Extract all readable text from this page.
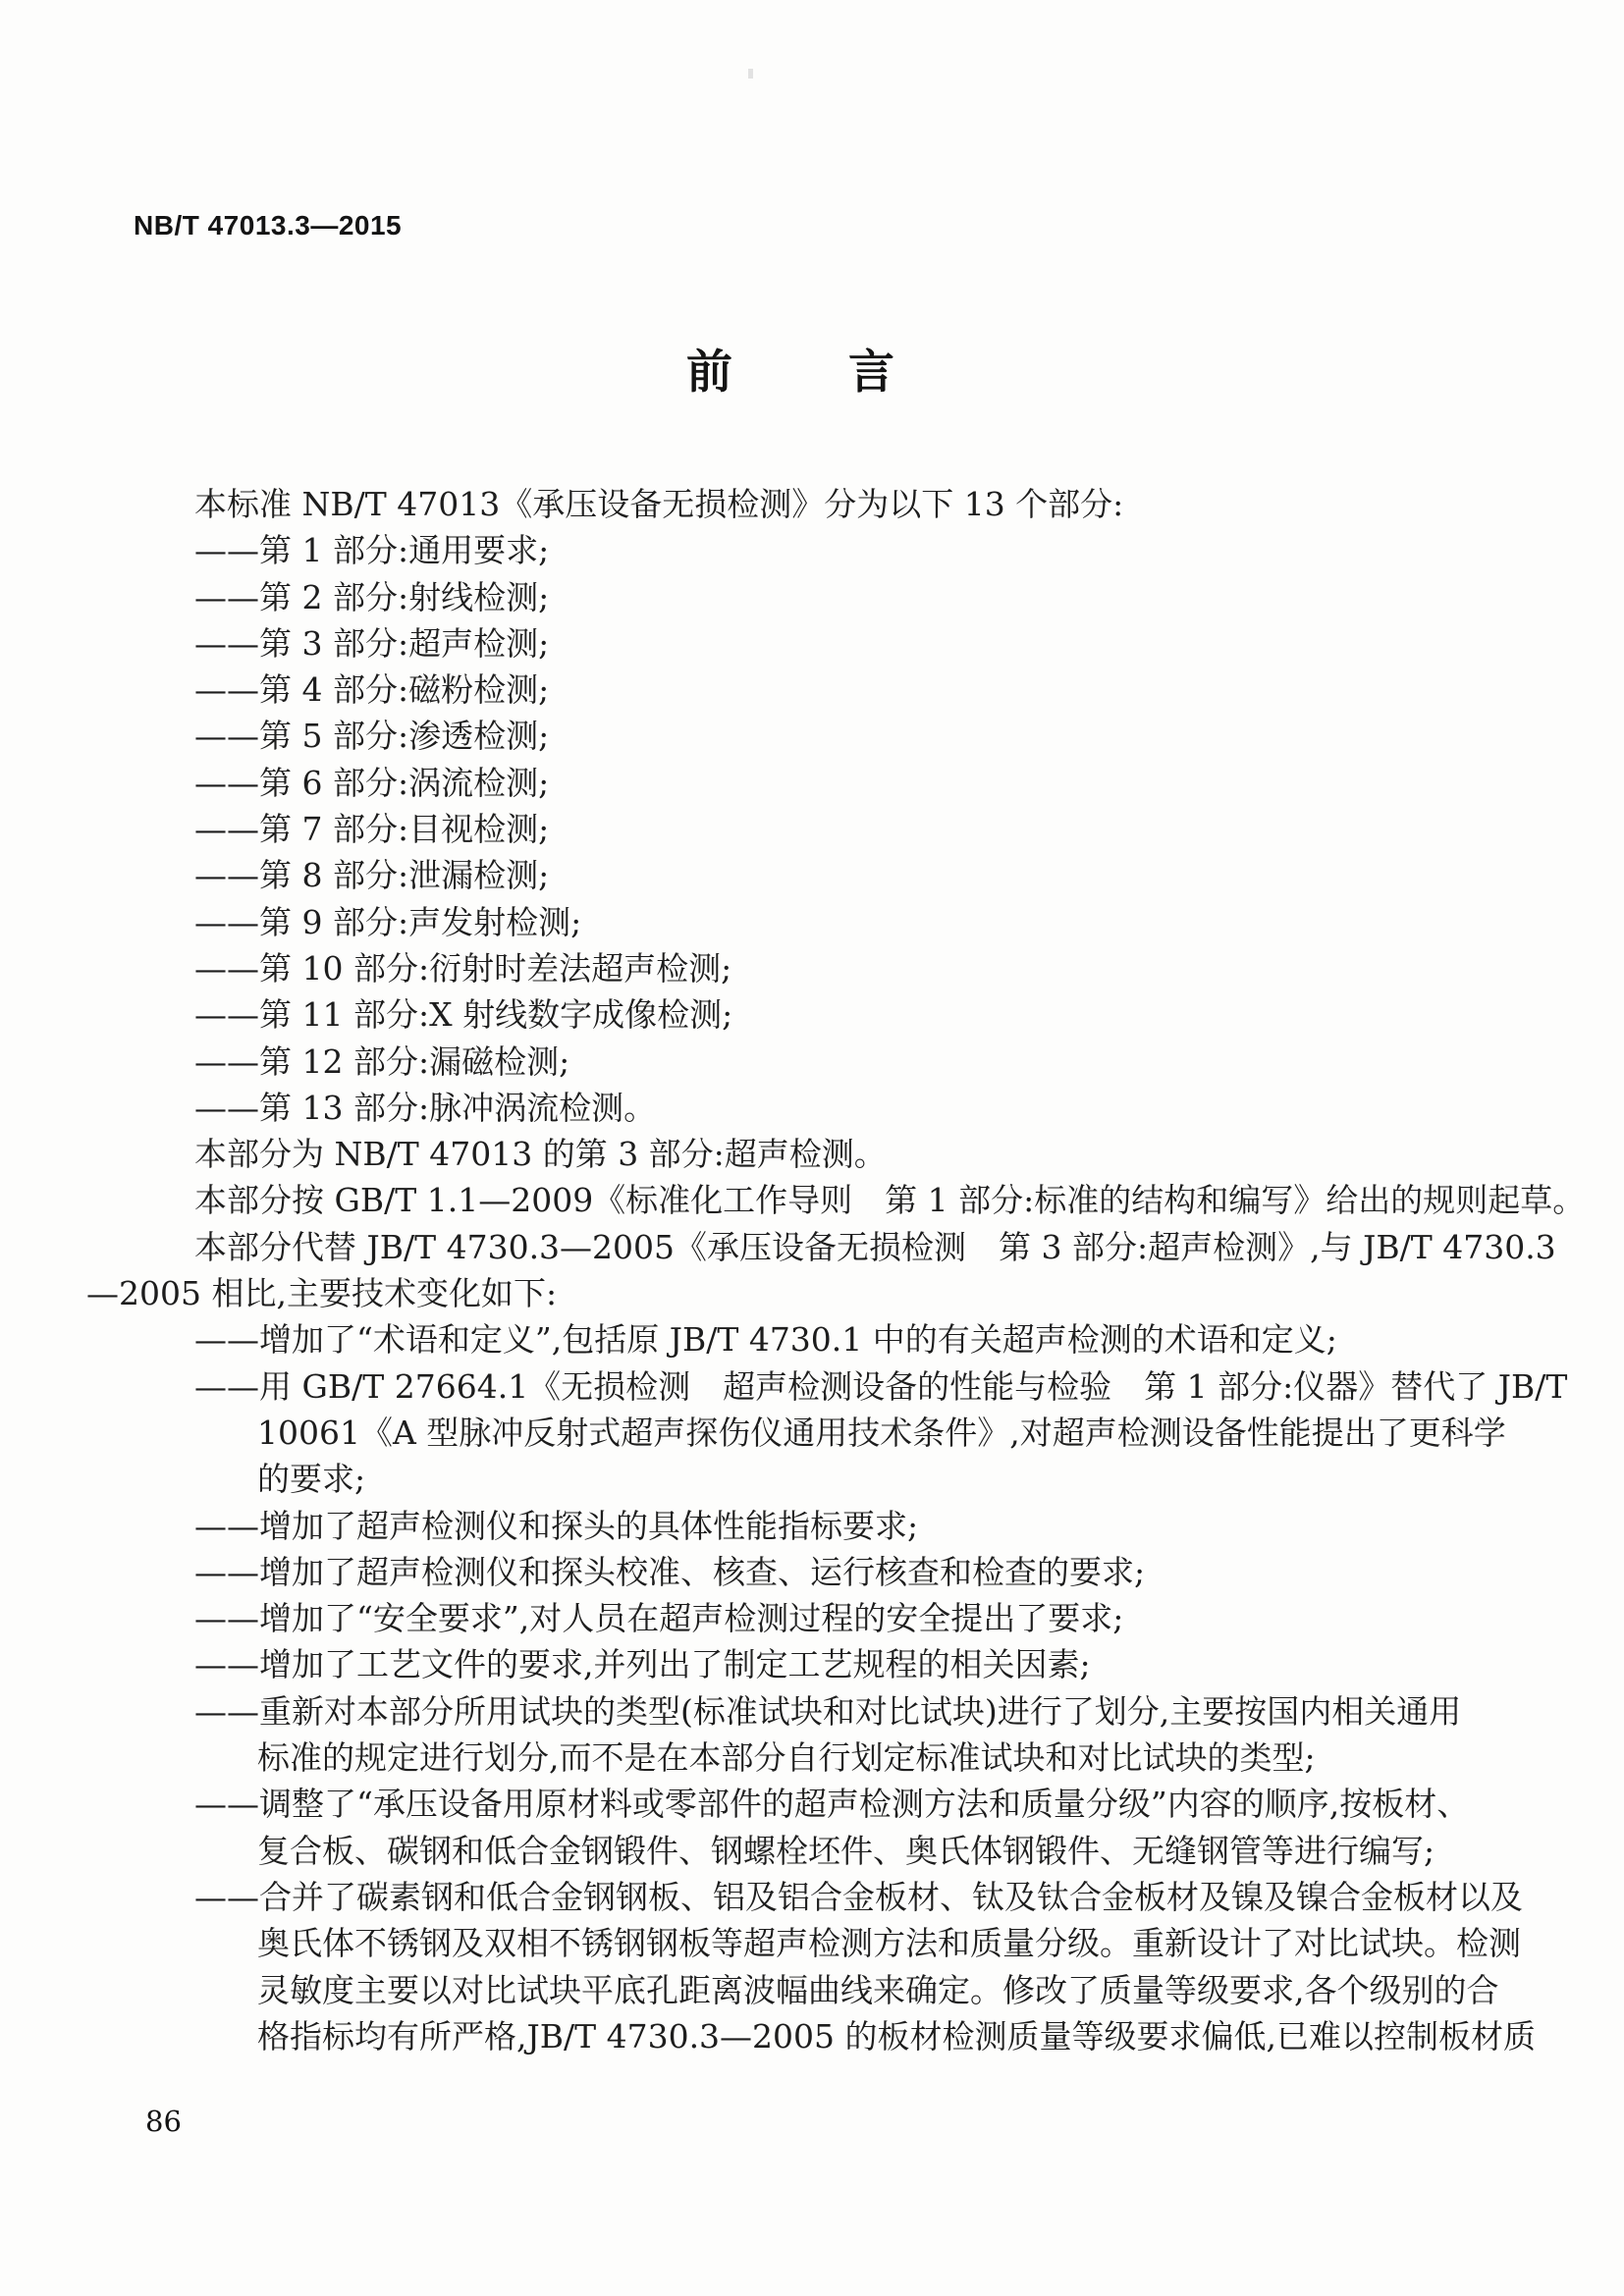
NB/T 47013.3—2015
前	言
本标准 NB/T 47013《承压设备无损检测》分为以下 13 个部分:
——第 1 部分:通用要求;
——第 2 部分:射线检测;
——第 3 部分:超声检测;
——第 4 部分:磁粉检测;
——第 5 部分:渗透检测;
——第 6 部分:涡流检测;
——第 7 部分:目视检测;
——第 8 部分:泄漏检测;
——第 9 部分:声发射检测;
——第 10 部分:衍射时差法超声检测;
——第 11 部分:X 射线数字成像检测;
——第 12 部分:漏磁检测;
——第 13 部分:脉冲涡流检测。
本部分为 NB/T 47013 的第 3 部分:超声检测。
本部分按 GB/T 1.1—2009《标准化工作导则　第 1 部分:标准的结构和编写》给出的规则起草。
本部分代替 JB/T 4730.3—2005《承压设备无损检测　第 3 部分:超声检测》,与 JB/T 4730.3
—2005 相比,主要技术变化如下:
——增加了“术语和定义”,包括原 JB/T 4730.1 中的有关超声检测的术语和定义;
——用 GB/T 27664.1《无损检测　超声检测设备的性能与检验　第 1 部分:仪器》替代了 JB/T
10061《A 型脉冲反射式超声探伤仪通用技术条件》,对超声检测设备性能提出了更科学
的要求;
——增加了超声检测仪和探头的具体性能指标要求;
——增加了超声检测仪和探头校准、核查、运行核查和检查的要求;
——增加了“安全要求”,对人员在超声检测过程的安全提出了要求;
——增加了工艺文件的要求,并列出了制定工艺规程的相关因素;
——重新对本部分所用试块的类型(标准试块和对比试块)进行了划分,主要按国内相关通用
标准的规定进行划分,而不是在本部分自行划定标准试块和对比试块的类型;
——调整了“承压设备用原材料或零部件的超声检测方法和质量分级”内容的顺序,按板材、
复合板、碳钢和低合金钢锻件、钢螺栓坯件、奥氏体钢锻件、无缝钢管等进行编写;
——合并了碳素钢和低合金钢钢板、铝及铝合金板材、钛及钛合金板材及镍及镍合金板材以及
奥氏体不锈钢及双相不锈钢钢板等超声检测方法和质量分级。重新设计了对比试块。检测
灵敏度主要以对比试块平底孔距离波幅曲线来确定。修改了质量等级要求,各个级别的合
格指标均有所严格,JB/T 4730.3—2005 的板材检测质量等级要求偏低,已难以控制板材质
86
